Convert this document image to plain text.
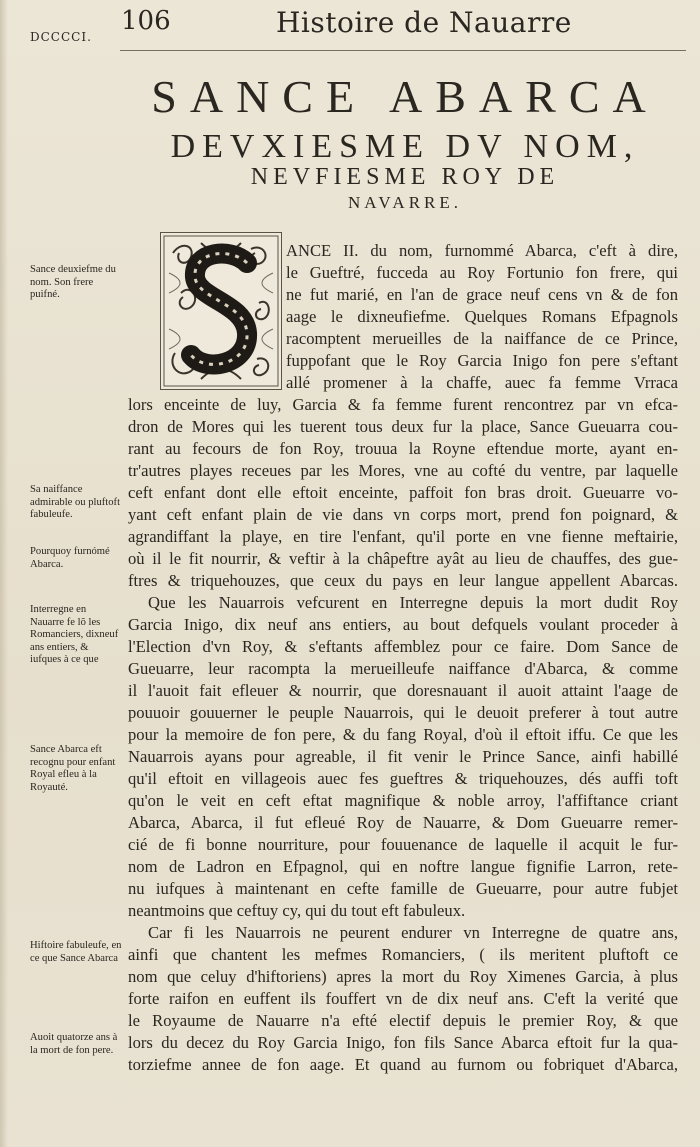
DCCCCI.
106	Histoire de Nauarre
SANCE ABARCA
DEVXIESME DV NOM,
NEVFIESME ROY DE
NAVARRE.
ANCE II. du nom, furnommé Abarca, c'eft à dire,
le Gueftré, fucceda au Roy Fortunio fon frere, qui
ne fut marié, en l'an de grace neuf cens vn & de fon
aage le dixneufiefme. Quelques Romans Efpagnols
racomptent merueilles de la naiffance de ce Prince,
fuppofant que le Roy Garcia Inigo fon pere s'eftant
allé promener à la chaffe, auec fa femme Vrraca
lors enceinte de luy, Garcia & fa femme furent rencontrez par vn efca-
dron de Mores qui les tuerent tous deux fur la place, Sance Gueuarra cou-
rant au fecours de fon Roy, trouua la Royne eftendue morte, ayant en-
tr'autres playes receues par les Mores, vne au cofté du ventre, par laquelle
ceft enfant dont elle eftoit enceinte, paffoit fon bras droit. Gueuarre vo-
yant ceft enfant plain de vie dans vn corps mort, prend fon poignard, &
agrandiffant la playe, en tire l'enfant, qu'il porte en vne fienne meftairie,
où il le fit nourrir, & veftir à la châpeftre ayât au lieu de chauffes, des gue-
ftres & triquehouzes, que ceux du pays en leur langue appellent Abarcas.
Que les Nauarrois vefcurent en Interregne depuis la mort dudit Roy
Garcia Inigo, dix neuf ans entiers, au bout defquels voulant proceder à
l'Election d'vn Roy, & s'eftants affemblez pour ce faire. Dom Sance de
Gueuarre, leur racompta la merueilleufe naiffance d'Abarca, & comme
il l'auoit fait efleuer & nourrir, que doresnauant il auoit attaint l'aage de
pouuoir gouuerner le peuple Nauarrois, qui le deuoit preferer à tout autre
pour la memoire de fon pere, & du fang Royal, d'où il eftoit iffu. Ce que les
Nauarrois ayans pour agreable, il fit venir le Prince Sance, ainfi habillé
qu'il eftoit en villageois auec fes gueftres & triquehouzes, dés auffi toft
qu'on le veit en ceft eftat magnifique & noble arroy, l'affiftance criant
Abarca, Abarca, il fut efleué Roy de Nauarre, & Dom Gueuarre remer-
cié de fi bonne nourriture, pour fouuenance de laquelle il acquit le fur-
nom de Ladron en Efpagnol, qui en noftre langue fignifie Larron, rete-
nu iufques à maintenant en cefte famille de Gueuarre, pour autre fubjet
neantmoins que ceftuy cy, qui du tout eft fabuleux.
Car fi les Nauarrois ne peurent endurer vn Interregne de quatre ans,
ainfi que chantent les mefmes Romanciers, ( ils meritent pluftoft ce
nom que celuy d'hiftoriens) apres la mort du Roy Ximenes Garcia, à plus
forte raifon en euffent ils fouffert vn de dix neuf ans. C'eft la verité que
le Royaume de Nauarre n'a efté electif depuis le premier Roy, & que
lors du decez du Roy Garcia Inigo, fon fils Sance Abarca eftoit fur la qua-
torziefme annee de fon aage. Et quand au furnom ou fobriquet d'Abarca,
Sance deuxiefme du nom. Son frere puifné.
Sa naiffance admirable ou pluftoft fabuleufe.
Pourquoy furnómé Abarca.
Interregne en Nauarre fe lõ les Romanciers, dixneuf ans entiers, & iufques à ce que
Sance Abarca eft recognu pour enfant Royal efleu à la Royauté.
Hiftoire fabuleufe, en ce que Sance Abarca
Auoit quatorze ans à la mort de fon pere.
